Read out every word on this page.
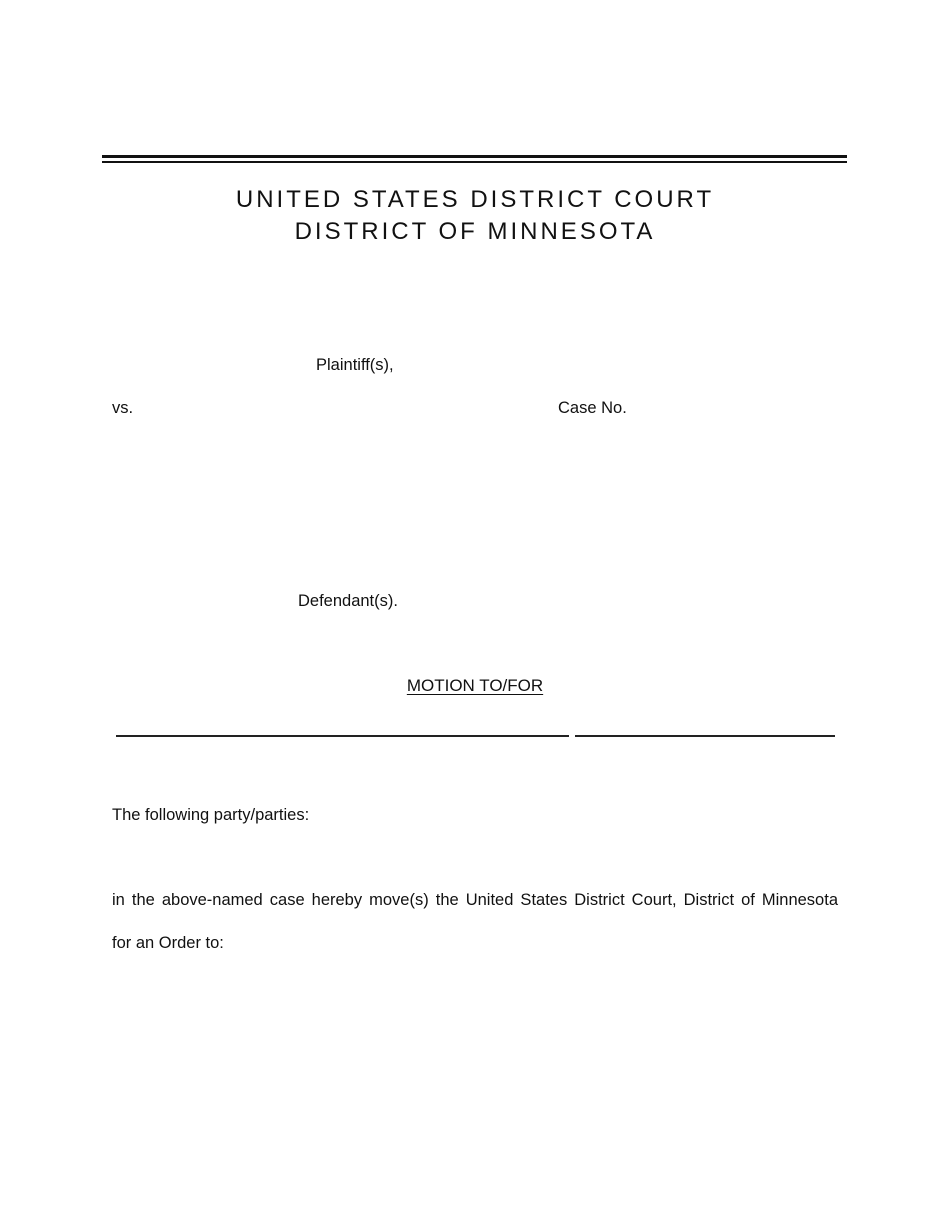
UNITED STATES DISTRICT COURT
DISTRICT OF MINNESOTA
Plaintiff(s),
vs.	Case No.
Defendant(s).
MOTION TO/FOR
The following party/parties:
in the above-named case hereby move(s) the United States District Court, District of Minnesota
for an Order to:
